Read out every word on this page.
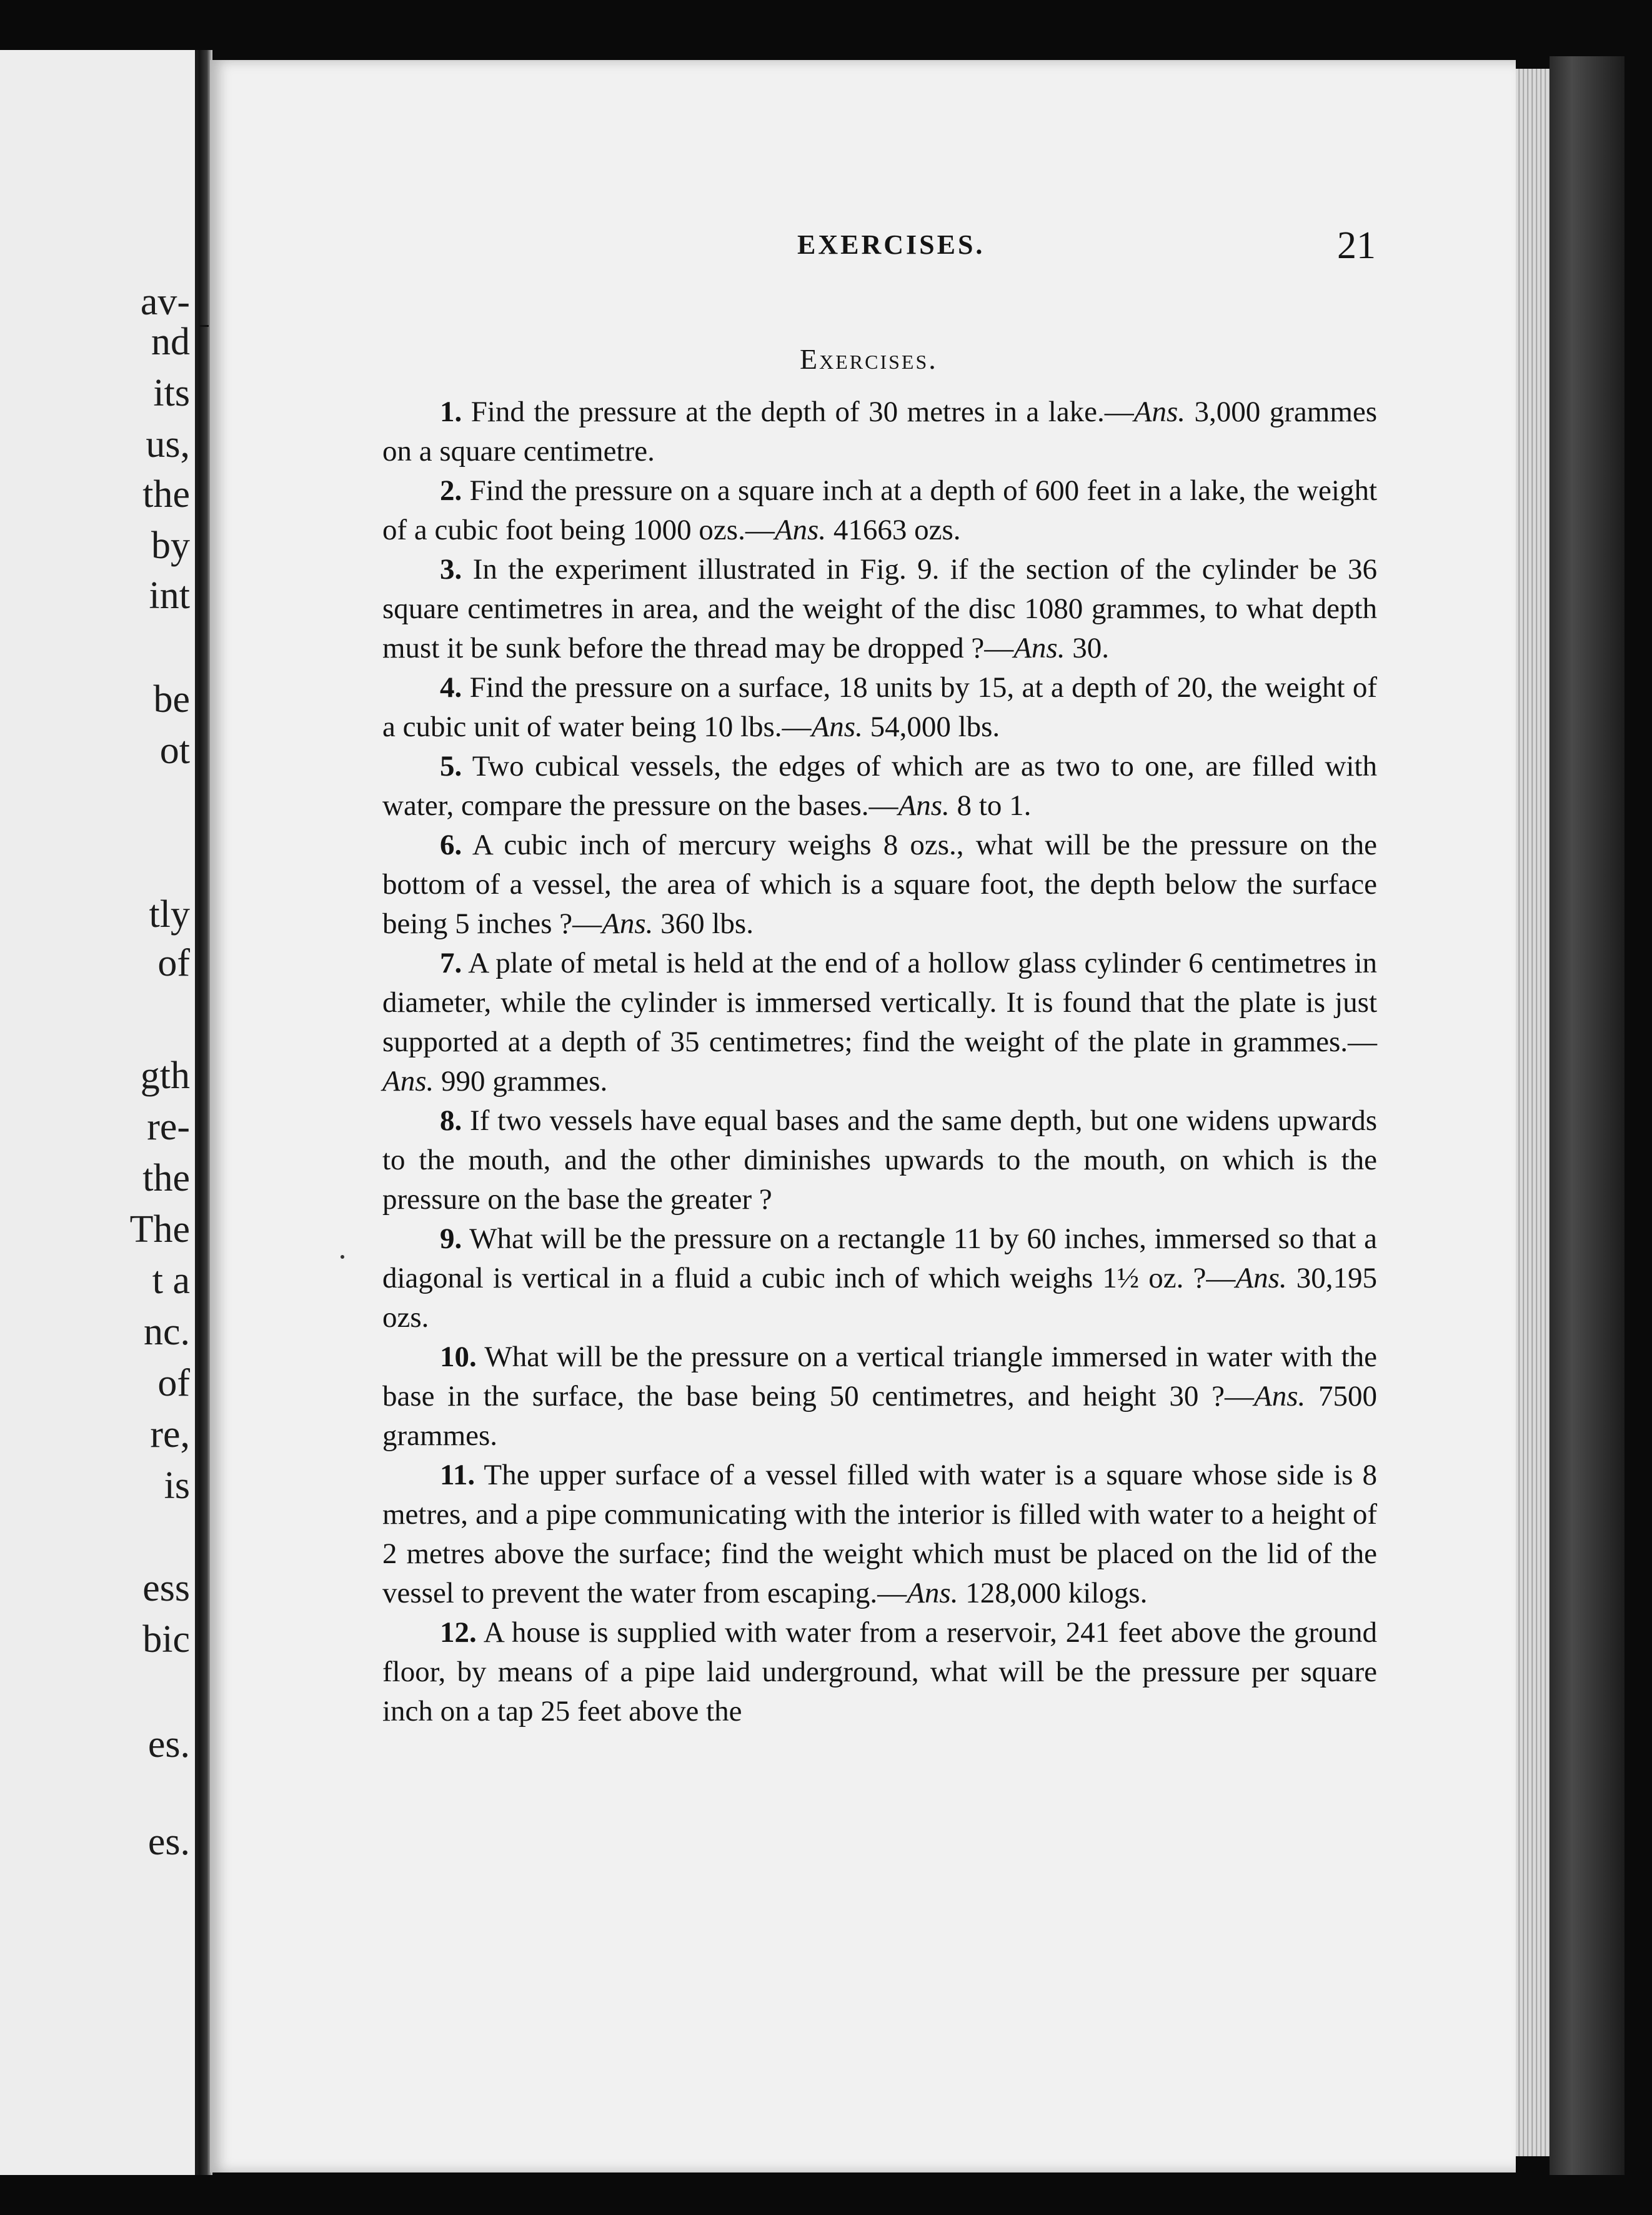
av-

nd

its

us,

the

by

int

be

ot

tly

of

gth

re-

the

The

t a

nc.

of

re,

is

ess

bic

es.

es.

EXERCISES.	21

Exercises.
1. Find the pressure at the depth of 30 metres in a lake.—Ans. 3,000 grammes on a square centimetre.
2. Find the pressure on a square inch at a depth of 600 feet in a lake, the weight of a cubic foot being 1000 ozs.—Ans. 41663 ozs.
3. In the experiment illustrated in Fig. 9. if the section of the cylinder be 36 square centimetres in area, and the weight of the disc 1080 grammes, to what depth must it be sunk before the thread may be dropped ?—Ans. 30.
4. Find the pressure on a surface, 18 units by 15, at a depth of 20, the weight of a cubic unit of water being 10 lbs.—Ans. 54,000 lbs.
5. Two cubical vessels, the edges of which are as two to one, are filled with water, compare the pressure on the bases.—Ans. 8 to 1.
6. A cubic inch of mercury weighs 8 ozs., what will be the pressure on the bottom of a vessel, the area of which is a square foot, the depth below the surface being 5 inches ?—Ans. 360 lbs.
7. A plate of metal is held at the end of a hollow glass cylinder 6 centimetres in diameter, while the cylinder is immersed vertically. It is found that the plate is just supported at a depth of 35 centimetres; find the weight of the plate in grammes.—Ans. 990 grammes.
8. If two vessels have equal bases and the same depth, but one widens upwards to the mouth, and the other diminishes upwards to the mouth, on which is the pressure on the base the greater ?
9. What will be the pressure on a rectangle 11 by 60 inches, immersed so that a diagonal is vertical in a fluid a cubic inch of which weighs 1½ oz. ?—Ans. 30,195 ozs.
10. What will be the pressure on a vertical triangle immersed in water with the base in the surface, the base being 50 centimetres, and height 30 ?—Ans. 7500 grammes.
11. The upper surface of a vessel filled with water is a square whose side is 8 metres, and a pipe communicating with the interior is filled with water to a height of 2 metres above the surface; find the weight which must be placed on the lid of the vessel to prevent the water from escaping.—Ans. 128,000 kilogs.
12. A house is supplied with water from a reservoir, 241 feet above the ground floor, by means of a pipe laid underground, what will be the pressure per square inch on a tap 25 feet above the
